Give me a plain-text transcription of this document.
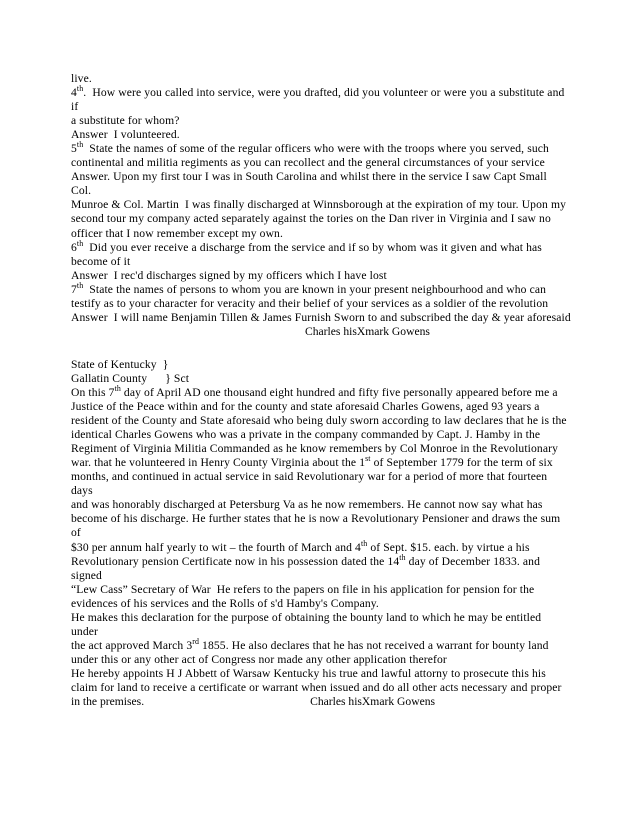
live.
4th.  How were you called into service, were you drafted, did you volunteer or were you a substitute and if
a substitute for whom?
Answer  I volunteered.
5th  State the names of some of the regular officers who were with the troops where you served, such
continental and militia regiments as you can recollect and the general circumstances of your service
Answer. Upon my first tour I was in South Carolina and whilst there in the service I saw Capt Small  Col.
Munroe & Col. Martin  I was finally discharged at Winnsborough at the expiration of my tour. Upon my
second tour my company acted separately against the tories on the Dan river in Virginia and I saw no
officer that I now remember except my own.
6th  Did you ever receive a discharge from the service and if so by whom was it given and what has
become of it
Answer  I rec'd discharges signed by my officers which I have lost
7th  State the names of persons to whom you are known in your present neighbourhood and who can
testify as to your character for veracity and their belief of your services as a soldier of the revolution
Answer  I will name Benjamin Tillen & James Furnish Sworn to and subscribed the day & year aforesaid
Charles hisXmark Gowens
State of Kentucky  }
Gallatin County      } Sct
On this 7th day of April AD one thousand eight hundred and fifty five personally appeared before me a
Justice of the Peace within and for the county and state aforesaid Charles Gowens, aged 93 years a
resident of the County and State aforesaid who being duly sworn according to law declares that he is the
identical Charles Gowens who was a private in the company commanded by Capt. J. Hamby in the
Regiment of Virginia Militia Commanded as he know remembers by Col Monroe in the Revolutionary
war. that he volunteered in Henry County Virginia about the 1st of September 1779 for the term of six
months, and continued in actual service in said Revolutionary war for a period of more that fourteen days
and was honorably discharged at Petersburg Va as he now remembers. He cannot now say what has
become of his discharge. He further states that he is now a Revolutionary Pensioner and draws the sum of
$30 per annum half yearly to wit – the fourth of March and 4th of Sept. $15. each. by virtue a his
Revolutionary pension Certificate now in his possession dated the 14th day of December 1833. and signed
“Lew Cass” Secretary of War  He refers to the papers on file in his application for pension for the
evidences of his services and the Rolls of s'd Hamby's Company.
He makes this declaration for the purpose of obtaining the bounty land to which he may be entitled under
the act approved March 3rd 1855. He also declares that he has not received a warrant for bounty land
under this or any other act of Congress nor made any other application therefor
He hereby appoints H J Abbett of Warsaw Kentucky his true and lawful attorny to prosecute this his
claim for land to receive a certificate or warrant when issued and do all other acts necessary and proper
in the premises.	Charles hisXmark Gowens
